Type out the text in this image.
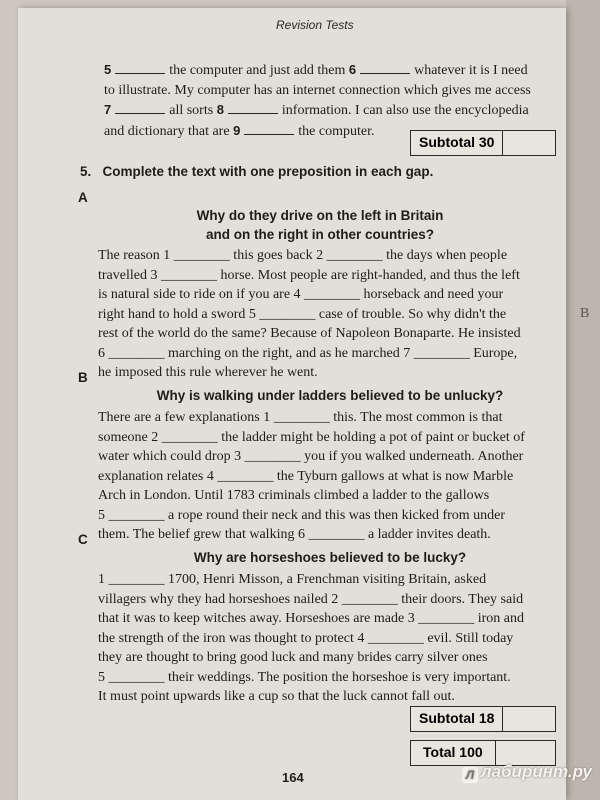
B
Revision Tests
5	the computer and just add them 6	whatever it is I need
to illustrate. My computer has an internet connection which gives me access
7	all sorts 8	information. I can also use the encyclopedia
and dictionary that are 9	the computer.
Subtotal 30
5. Complete the text with one preposition in each gap.
A
Why do they drive on the left in Britain
and on the right in other countries?
The reason 1 ________ this goes back 2 ________ the days when people
travelled 3 ________ horse. Most people are right-handed, and thus the left
is natural side to ride on if you are 4 ________ horseback and need your
right hand to hold a sword 5 ________ case of trouble. So why didn't the
rest of the world do the same? Because of Napoleon Bonaparte. He insisted
6 ________ marching on the right, and as he marched 7 ________ Europe,
he imposed this rule wherever he went.
B
Why is walking under ladders believed to be unlucky?
There are a few explanations 1 ________ this. The most common is that
someone 2 ________ the ladder might be holding a pot of paint or bucket of
water which could drop 3 ________ you if you walked underneath. Another
explanation relates 4 ________ the Tyburn gallows at what is now Marble
Arch in London. Until 1783 criminals climbed a ladder to the gallows
5 ________ a rope round their neck and this was then kicked from under
them. The belief grew that walking 6 ________ a ladder invites death.
C
Why are horseshoes believed to be lucky?
1 ________ 1700, Henri Misson, a Frenchman visiting Britain, asked
villagers why they had horseshoes nailed 2 ________ their doors. They said
that it was to keep witches away. Horseshoes are made 3 ________ iron and
the strength of the iron was thought to protect 4 ________ evil. Still today
they are thought to bring good luck and many brides carry silver ones
5 ________ their weddings. The position the horseshoe is very important.
It must point upwards like a cup so that the luck cannot fall out.
Subtotal 18
Total 100
164	Л лабиринт.ру
